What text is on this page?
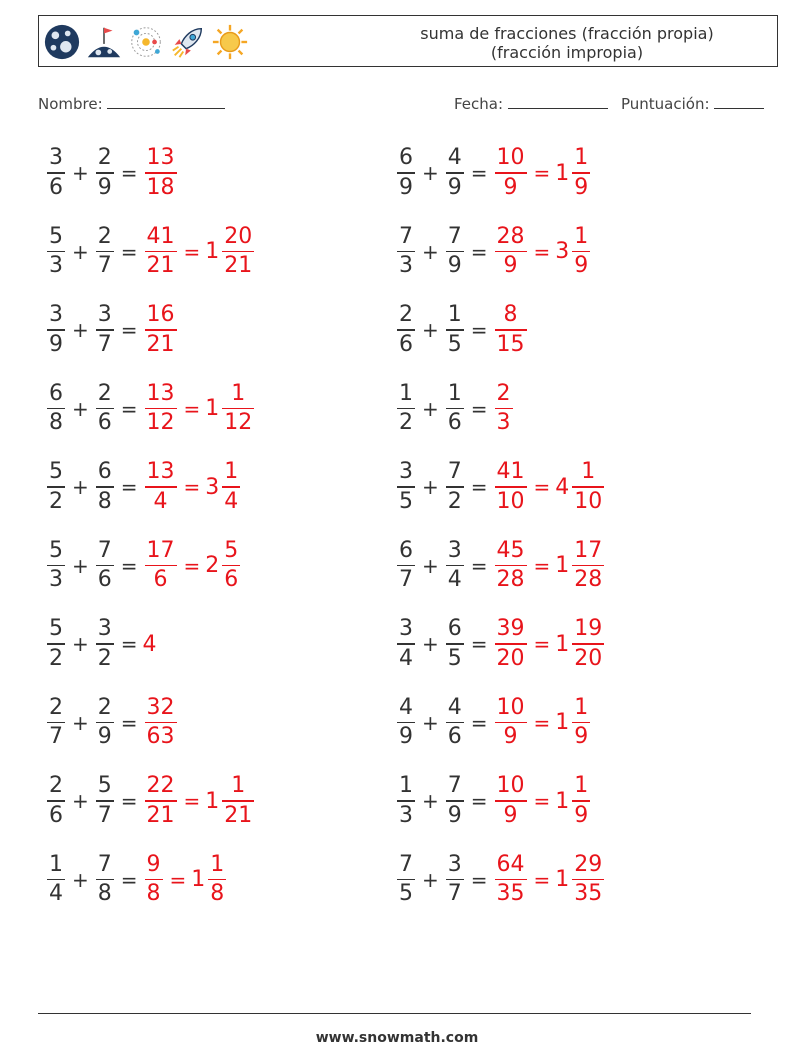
suma de fracciones (fracción propia)
(fracción impropia)
Nombre:	Fecha:	Puntuación:
$\frac{3}{6} + \frac{2}{9} = \frac{13}{18}$
$\frac{5}{3} + \frac{2}{7} = \frac{41}{21} = 1 \frac{20}{21}$
$\frac{3}{9} + \frac{3}{7} = \frac{16}{21}$
$\frac{6}{8} + \frac{2}{6} = \frac{13}{12} = 1 \frac{1}{12}$
$\frac{5}{2} + \frac{6}{8} = \frac{13}{4} = 3 \frac{1}{4}$
$\frac{5}{3} + \frac{7}{6} = \frac{17}{6} = 2 \frac{5}{6}$
$\frac{5}{2} + \frac{3}{2} = 4$
$\frac{2}{7} + \frac{2}{9} = \frac{32}{63}$
$\frac{2}{6} + \frac{5}{7} = \frac{22}{21} = 1 \frac{1}{21}$
$\frac{1}{4} + \frac{7}{8} = \frac{9}{8} = 1 \frac{1}{8}$
$\frac{6}{9} + \frac{4}{9} = \frac{10}{9} = 1 \frac{1}{9}$
$\frac{7}{3} + \frac{7}{9} = \frac{28}{9} = 3 \frac{1}{9}$
$\frac{2}{6} + \frac{1}{5} = \frac{8}{15}$
$\frac{1}{2} + \frac{1}{6} = \frac{2}{3}$
$\frac{3}{5} + \frac{7}{2} = \frac{41}{10} = 4 \frac{1}{10}$
$\frac{6}{7} + \frac{3}{4} = \frac{45}{28} = 1 \frac{17}{28}$
$\frac{3}{4} + \frac{6}{5} = \frac{39}{20} = 1 \frac{19}{20}$
$\frac{4}{9} + \frac{4}{6} = \frac{10}{9} = 1 \frac{1}{9}$
$\frac{1}{3} + \frac{7}{9} = \frac{10}{9} = 1 \frac{1}{9}$
$\frac{7}{5} + \frac{3}{7} = \frac{64}{35} = 1 \frac{29}{35}$
www.snowmath.com
